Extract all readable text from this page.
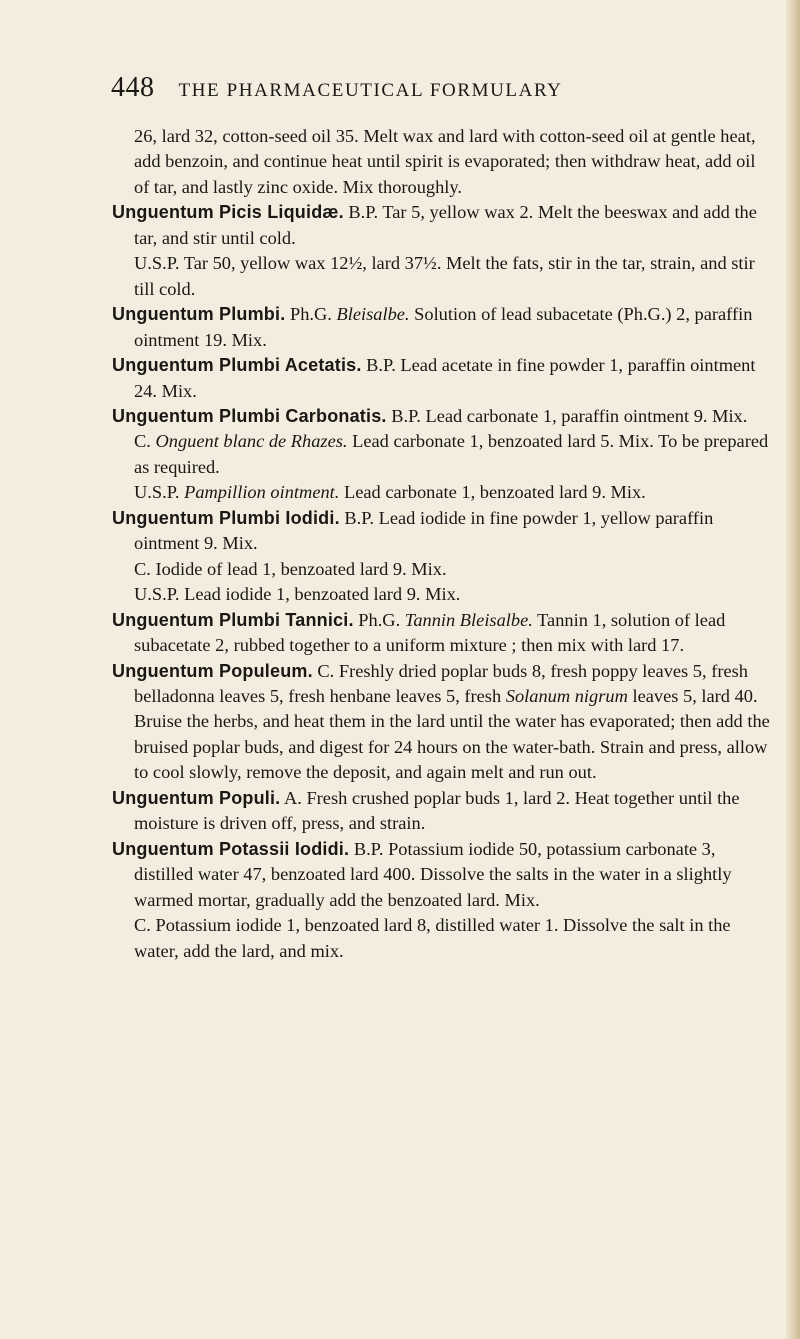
448 THE PHARMACEUTICAL FORMULARY

26, lard 32, cotton-seed oil 35. Melt wax and lard with cotton-seed oil at gentle heat, add benzoin, and continue heat until spirit is evaporated; then withdraw heat, add oil of tar, and lastly zinc oxide. Mix thoroughly.

Unguentum Picis Liquidæ. B.P. Tar 5, yellow wax 2. Melt the beeswax and add the tar, and stir until cold.

U.S.P. Tar 50, yellow wax 12½, lard 37½. Melt the fats, stir in the tar, strain, and stir till cold.

Unguentum Plumbi. Ph.G. Bleisalbe. Solution of lead subacetate (Ph.G.) 2, paraffin ointment 19. Mix.

Unguentum Plumbi Acetatis. B.P. Lead acetate in fine powder 1, paraffin ointment 24. Mix.

Unguentum Plumbi Carbonatis. B.P. Lead carbonate 1, paraffin ointment 9. Mix.

C. Onguent blanc de Rhazes. Lead carbonate 1, benzoated lard 5. Mix. To be prepared as required.

U.S.P. Pampillion ointment. Lead carbonate 1, benzoated lard 9. Mix.

Unguentum Plumbi Iodidi. B.P. Lead iodide in fine powder 1, yellow paraffin ointment 9. Mix.

C. Iodide of lead 1, benzoated lard 9. Mix.

U.S.P. Lead iodide 1, benzoated lard 9. Mix.

Unguentum Plumbi Tannici. Ph.G. Tannin Bleisalbe. Tannin 1, solution of lead subacetate 2, rubbed together to a uniform mixture ; then mix with lard 17.

Unguentum Populeum. C. Freshly dried poplar buds 8, fresh poppy leaves 5, fresh belladonna leaves 5, fresh henbane leaves 5, fresh Solanum nigrum leaves 5, lard 40. Bruise the herbs, and heat them in the lard until the water has evaporated; then add the bruised poplar buds, and digest for 24 hours on the water-bath. Strain and press, allow to cool slowly, remove the deposit, and again melt and run out.

Unguentum Populi. A. Fresh crushed poplar buds 1, lard 2. Heat together until the moisture is driven off, press, and strain.

Unguentum Potassii Iodidi. B.P. Potassium iodide 50, potassium carbonate 3, distilled water 47, benzoated lard 400. Dissolve the salts in the water in a slightly warmed mortar, gradually add the benzoated lard. Mix.

C. Potassium iodide 1, benzoated lard 8, distilled water 1. Dissolve the salt in the water, add the lard, and mix.
